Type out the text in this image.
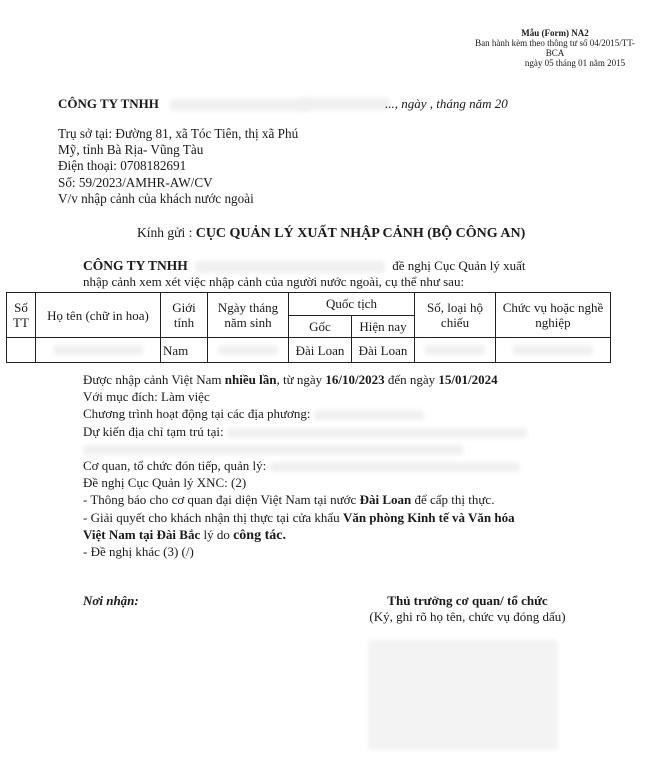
Mẫu (Form) NA2
Ban hành kèm theo thông tư số 04/2015/TT-BCA
ngày 05 tháng 01 năm 2015
CÔNG TY TNHH	..., ngày , tháng năm 20
Trụ sở tại: Đường 81, xã Tóc Tiên, thị xã Phú
Mỹ, tỉnh Bà Rịa- Vũng Tàu
Điện thoại: 0708182691
Số: 59/2023/AMHR-AW/CV
V/v nhập cảnh của khách nước ngoài
Kính gửi : CỤC QUẢN LÝ XUẤT NHẬP CẢNH (BỘ CÔNG AN)
CÔNG TY TNHH	đề nghị Cục Quản lý xuất
nhập cảnh xem xét việc nhập cảnh của người nước ngoài, cụ thể như sau:
Số TT	Họ tên (chữ in hoa)	Giới tính	Ngày tháng năm sinh	Quốc tịch		Số, loại hộ chiếu	Chức vụ hoặc nghề nghiệp
				Gốc	Hiện nay		
		Nam		Đài Loan	Đài Loan		
Được nhập cảnh Việt Nam nhiều lần, từ ngày 16/10/2023 đến ngày 15/01/2024
Với mục đích: Làm việc
Chương trình hoạt động tại các địa phương:
Dự kiến địa chỉ tạm trú tại:
Cơ quan, tổ chức đón tiếp, quản lý:
Đề nghị Cục Quản lý XNC: (2)
- Thông báo cho cơ quan đại diện Việt Nam tại nước Đài Loan để cấp thị thực.
- Giải quyết cho khách nhận thị thực tại cửa khẩu Văn phòng Kinh tế và Văn hóa
Việt Nam tại Đài Bắc lý do công tác.
- Đề nghị khác (3) (/)
Nơi nhận:	Thủ trưởng cơ quan/ tổ chức
(Ký, ghi rõ họ tên, chức vụ đóng dấu)
